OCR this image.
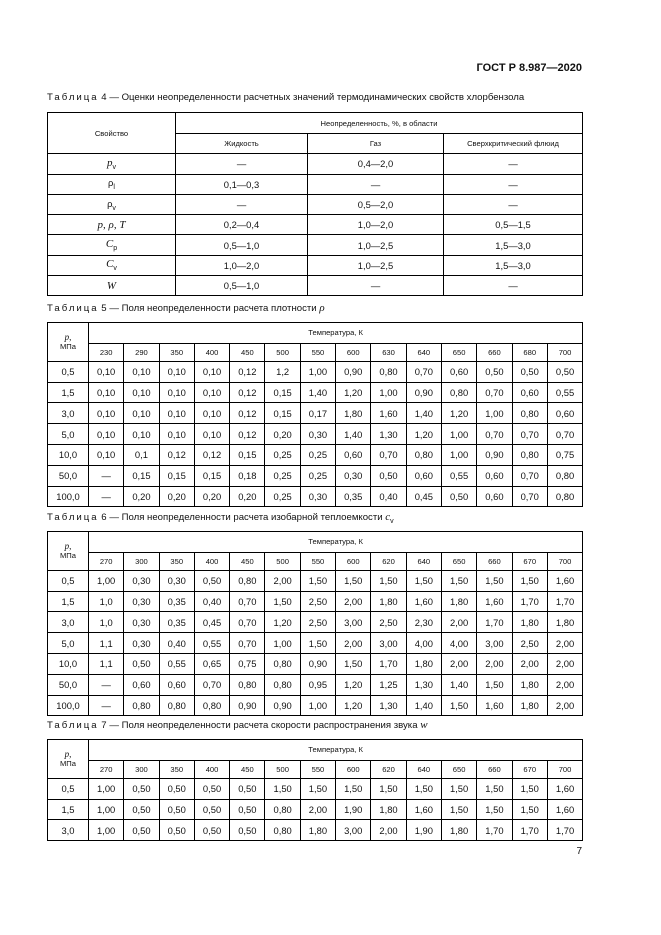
ГОСТ Р 8.987—2020
Таблица 4 — Оценки неопределенности расчетных значений термодинамических свойств хлорбензола
Свойство	Неопределенность, %, в области		
	Жидкость	Газ	Сверхкритический флюид
$p_v$	—	0,4—2,0	—
$\rho_l$	0,1—0,3	—	—
$\rho_v$	—	0,5—2,0	—
p, ρ, T	0,2—0,4	1,0—2,0	0,5—1,5
$C_p$	0,5—1,0	1,0—2,5	1,5—3,0
$C_v$	1,0—2,0	1,0—2,5	1,5—3,0
W	0,5—1,0	—	—
Таблица 5 — Поля неопределенности расчета плотности ρ
p,
МПа	Температура, К													
	230	290	350	400	450	500	550	600	630	640	650	660	680	700
0,5	0,10	0,10	0,10	0,10	0,12	1,2	1,00	0,90	0,80	0,70	0,60	0,50	0,50	0,50
1,5	0,10	0,10	0,10	0,10	0,12	0,15	1,40	1,20	1,00	0,90	0,80	0,70	0,60	0,55
3,0	0,10	0,10	0,10	0,10	0,12	0,15	0,17	1,80	1,60	1,40	1,20	1,00	0,80	0,60
5,0	0,10	0,10	0,10	0,10	0,12	0,20	0,30	1,40	1,30	1,20	1,00	0,70	0,70	0,70
10,0	0,10	0,1	0,12	0,12	0,15	0,25	0,25	0,60	0,70	0,80	1,00	0,90	0,80	0,75
50,0	—	0,15	0,15	0,15	0,18	0,25	0,25	0,30	0,50	0,60	0,55	0,60	0,70	0,80
100,0	—	0,20	0,20	0,20	0,20	0,25	0,30	0,35	0,40	0,45	0,50	0,60	0,70	0,80
Таблица 6 — Поля неопределенности расчета изобарной теплоемкости $c_v$
p,
МПа	Температура, К													
	270	300	350	400	450	500	550	600	620	640	650	660	670	700
0,5	1,00	0,30	0,30	0,50	0,80	2,00	1,50	1,50	1,50	1,50	1,50	1,50	1,50	1,60
1,5	1,0	0,30	0,35	0,40	0,70	1,50	2,50	2,00	1,80	1,60	1,80	1,60	1,70	1,70
3,0	1,0	0,30	0,35	0,45	0,70	1,20	2,50	3,00	2,50	2,30	2,00	1,70	1,80	1,80
5,0	1,1	0,30	0,40	0,55	0,70	1,00	1,50	2,00	3,00	4,00	4,00	3,00	2,50	2,00
10,0	1,1	0,50	0,55	0,65	0,75	0,80	0,90	1,50	1,70	1,80	2,00	2,00	2,00	2,00
50,0	—	0,60	0,60	0,70	0,80	0,80	0,95	1,20	1,25	1,30	1,40	1,50	1,80	2,00
100,0	—	0,80	0,80	0,80	0,90	0,90	1,00	1,20	1,30	1,40	1,50	1,60	1,80	2,00
Таблица 7 — Поля неопределенности расчета скорости распространения звука w
p,
МПа	Температура, К													
	270	300	350	400	450	500	550	600	620	640	650	660	670	700
0,5	1,00	0,50	0,50	0,50	0,50	1,50	1,50	1,50	1,50	1,50	1,50	1,50	1,50	1,60
1,5	1,00	0,50	0,50	0,50	0,50	0,80	2,00	1,90	1,80	1,60	1,50	1,50	1,50	1,60
3,0	1,00	0,50	0,50	0,50	0,50	0,80	1,80	3,00	2,00	1,90	1,80	1,70	1,70	1,70
7
